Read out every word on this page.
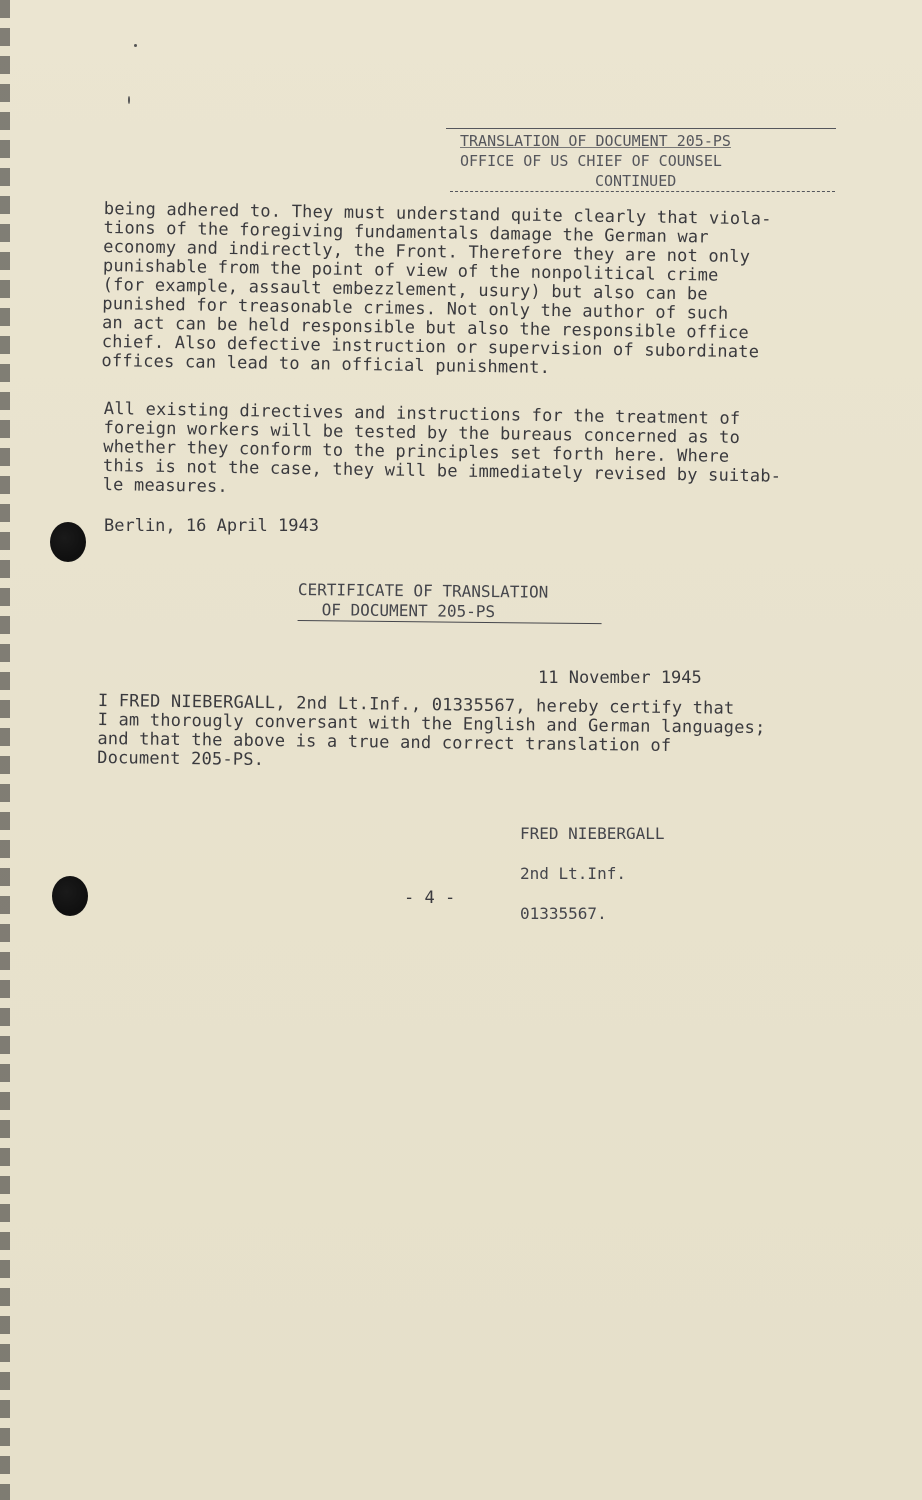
TRANSLATION OF DOCUMENT 205-PS
OFFICE OF US CHIEF OF COUNSEL
CONTINUED
being adhered to. They must understand quite clearly that viola-
tions of the foregiving fundamentals damage the German war
economy and indirectly, the Front. Therefore they are not only
punishable from the point of view of the nonpolitical crime
(for example, assault embezzlement, usury) but also can be
punished for treasonable crimes. Not only the author of such
an act can be held responsible but also the responsible office
chief. Also defective instruction or supervision of subordinate
offices can lead to an official punishment.
All existing directives and instructions for the treatment of
foreign workers will be tested by the bureaus concerned as to
whether they conform to the principles set forth here. Where
this is not the case, they will be immediately revised by suitab-
le measures.
Berlin, 16 April 1943
CERTIFICATE OF TRANSLATION
OF DOCUMENT 205-PS
11 November 1945
I FRED NIEBERGALL, 2nd Lt.Inf., 01335567, hereby certify that
I am thorougly conversant with the English and German languages;
and that the above is a true and correct translation of
Document 205-PS.

FRED NIEBERGALL

2nd Lt.Inf.

01335567.

- 4 -
